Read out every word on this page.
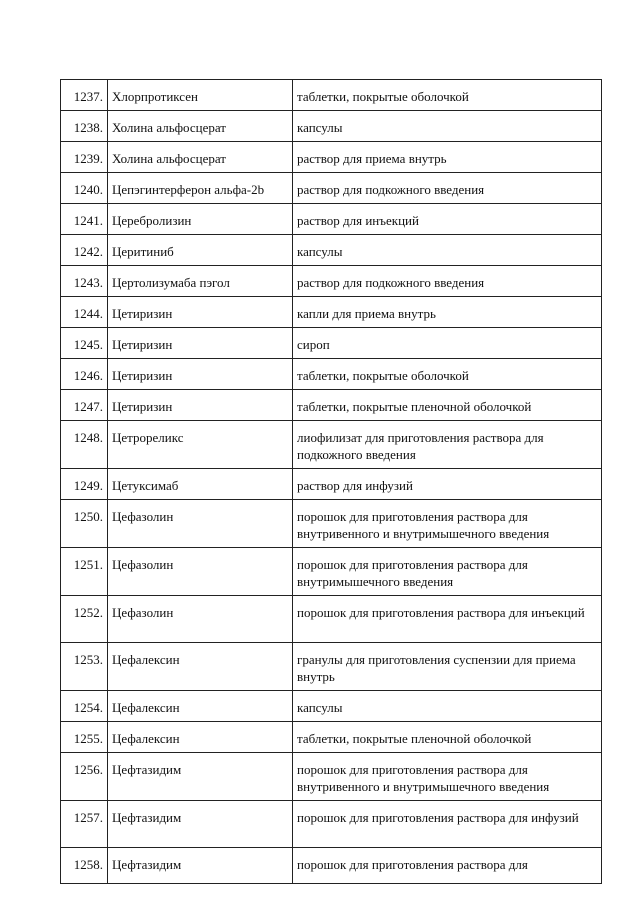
1237.	Хлорпротиксен	таблетки, покрытые оболочкой
1238.	Холина альфосцерат	капсулы
1239.	Холина альфосцерат	раствор для приема внутрь
1240.	Цепэгинтерферон альфа-2b	раствор для подкожного введения
1241.	Церебролизин	раствор для инъекций
1242.	Церитиниб	капсулы
1243.	Цертолизумаба пэгол	раствор для подкожного введения
1244.	Цетиризин	капли для приема внутрь
1245.	Цетиризин	сироп
1246.	Цетиризин	таблетки, покрытые оболочкой
1247.	Цетиризин	таблетки, покрытые пленочной оболочкой
1248.	Цетрореликс	лиофилизат для приготовления раствора для подкожного введения
1249.	Цетуксимаб	раствор для инфузий
1250.	Цефазолин	порошок для приготовления раствора для внутривенного и внутримышечного введения
1251.	Цефазолин	порошок для приготовления раствора для внутримышечного введения
1252.	Цефазолин	порошок для приготовления раствора для инъекций
1253.	Цефалексин	гранулы для приготовления суспензии для приема внутрь
1254.	Цефалексин	капсулы
1255.	Цефалексин	таблетки, покрытые пленочной оболочкой
1256.	Цефтазидим	порошок для приготовления раствора для внутривенного и внутримышечного введения
1257.	Цефтазидим	порошок для приготовления раствора для инфузий
1258.	Цефтазидим	порошок для приготовления раствора для
